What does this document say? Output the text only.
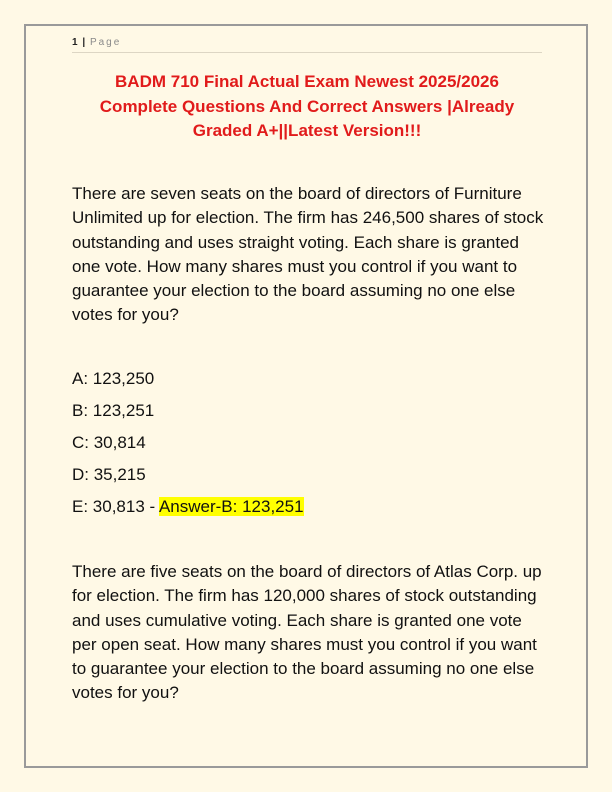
1 | Page
BADM 710 Final Actual Exam Newest 2025/2026
Complete Questions And Correct Answers |Already
Graded A+||Latest Version!!!

There are seven seats on the board of directors of Furniture Unlimited up for election. The firm has 246,500 shares of stock outstanding and uses straight voting. Each share is granted one vote. How many shares must you control if you want to guarantee your election to the board assuming no one else votes for you?

A: 123,250
B: 123,251
C: 30,814
D: 35,215
E: 30,813 - Answer-B: 123,251

There are five seats on the board of directors of Atlas Corp. up for election. The firm has 120,000 shares of stock outstanding and uses cumulative voting. Each share is granted one vote per open seat. How many shares must you control if you want to guarantee your election to the board assuming no one else votes for you?
